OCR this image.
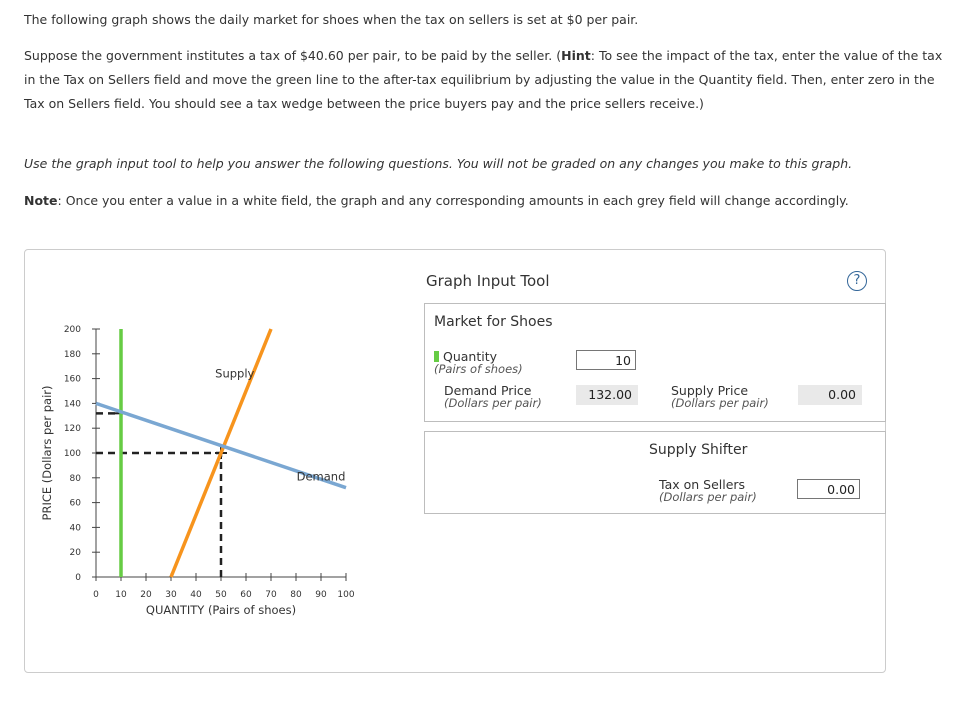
The following graph shows the daily market for shoes when the tax on sellers is set at $0 per pair.

Suppose the government institutes a tax of $40.60 per pair, to be paid by the seller. (Hint: To see the impact of the tax, enter the value of the tax in the Tax on Sellers field and move the green line to the after-tax equilibrium by adjusting the value in the Quantity field. Then, enter zero in the Tax on Sellers field. You should see a tax wedge between the price buyers pay and the price sellers receive.)

Use the graph input tool to help you answer the following questions. You will not be graded on any changes you make to this graph.

Note: Once you enter a value in a white field, the graph and any corresponding amounts in each grey field will change accordingly.

0 10 20 30 40 50 60 70 80 90 100
0
20
40
60
80
100
120
140
160
180
200
QUANTITY (Pairs of shoes)
PRICE (Dollars per pair)
Supply
Demand
Graph Input Tool	?
Market for Shoes
Quantity
(Pairs of shoes)
10
Demand Price
(Dollars per pair)
132.00	Supply Price
(Dollars per pair)
0.00
Supply Shifter
Tax on Sellers
(Dollars per pair)
0.00
